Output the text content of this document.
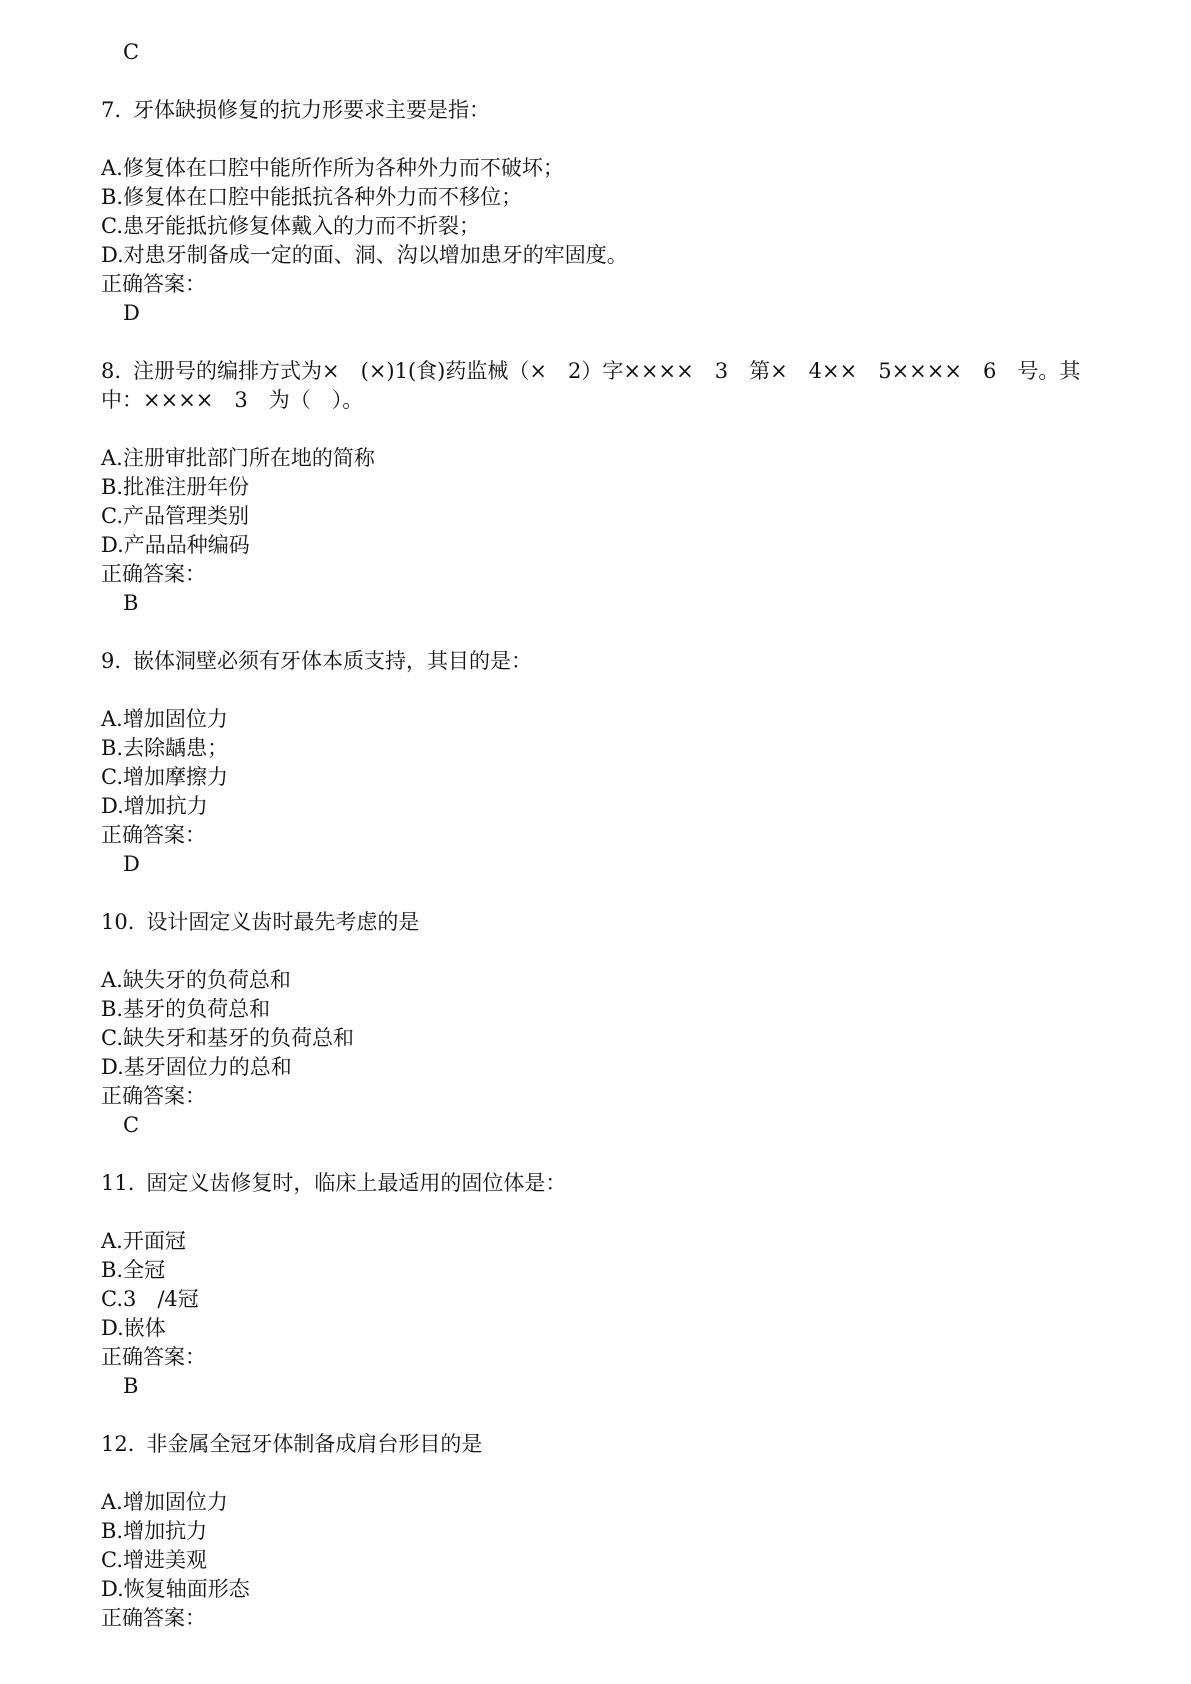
C
7. 牙体缺损修复的抗力形要求主要是指：
A.修复体在口腔中能所作所为各种外力而不破坏；
B.修复体在口腔中能抵抗各种外力而不移位；
C.患牙能抵抗修复体戴入的力而不折裂；
D.对患牙制备成一定的面、洞、沟以增加患牙的牢固度。
正确答案：
D
8. 注册号的编排方式为×　(×)1(食)药监械（×　2）字××××　3　第×　4××　5××××　6　号。其中：××××　3　为（　）。
A.注册审批部门所在地的简称
B.批准注册年份
C.产品管理类别
D.产品品种编码
正确答案：
B
9. 嵌体洞壁必须有牙体本质支持，其目的是：
A.增加固位力
B.去除龋患；
C.增加摩擦力
D.增加抗力
正确答案：
D
10. 设计固定义齿时最先考虑的是
A.缺失牙的负荷总和
B.基牙的负荷总和
C.缺失牙和基牙的负荷总和
D.基牙固位力的总和
正确答案：
C
11. 固定义齿修复时，临床上最适用的固位体是：
A.开面冠
B.全冠
C.3　/4冠
D.嵌体
正确答案：
B
12. 非金属全冠牙体制备成肩台形目的是
A.增加固位力
B.增加抗力
C.增进美观
D.恢复轴面形态
正确答案：
